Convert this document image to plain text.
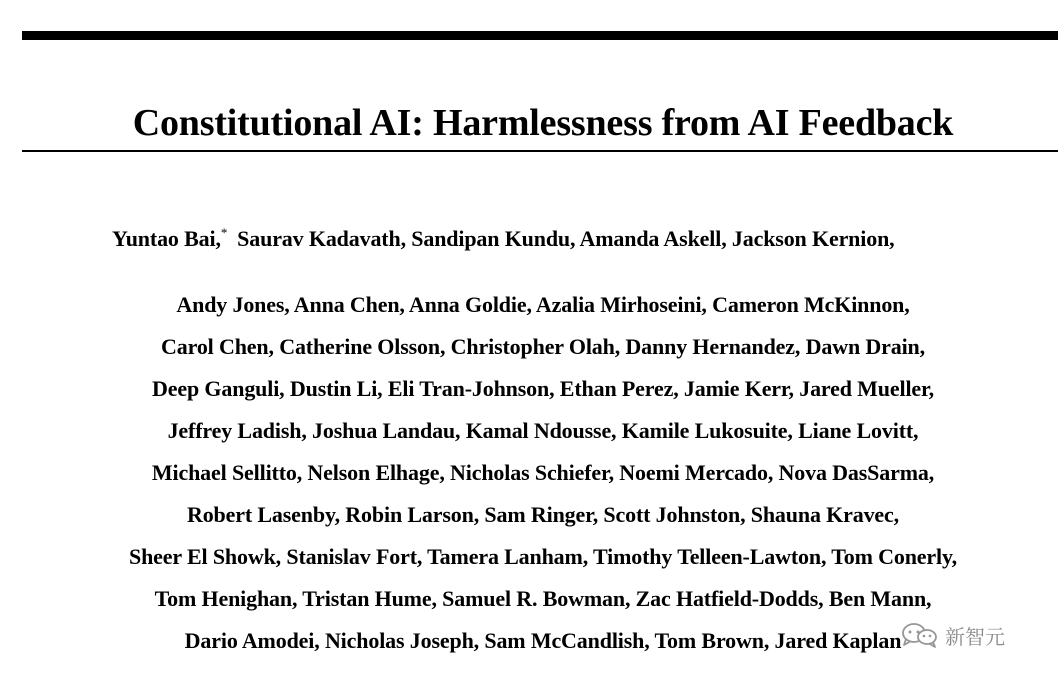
Constitutional AI: Harmlessness from AI Feedback
Yuntao Bai,* Saurav Kadavath, Sandipan Kundu, Amanda Askell, Jackson Kernion,
Andy Jones, Anna Chen, Anna Goldie, Azalia Mirhoseini, Cameron McKinnon,
Carol Chen, Catherine Olsson, Christopher Olah, Danny Hernandez, Dawn Drain,
Deep Ganguli, Dustin Li, Eli Tran-Johnson, Ethan Perez, Jamie Kerr, Jared Mueller,
Jeffrey Ladish, Joshua Landau, Kamal Ndousse, Kamile Lukosuite, Liane Lovitt,
Michael Sellitto, Nelson Elhage, Nicholas Schiefer, Noemi Mercado, Nova DasSarma,
Robert Lasenby, Robin Larson, Sam Ringer, Scott Johnston, Shauna Kravec,
Sheer El Showk, Stanislav Fort, Tamera Lanham, Timothy Telleen-Lawton, Tom Conerly,
Tom Henighan, Tristan Hume, Samuel R. Bowman, Zac Hatfield-Dodds, Ben Mann,
Dario Amodei, Nicholas Joseph, Sam McCandlish, Tom Brown, Jared Kaplan	新智元
